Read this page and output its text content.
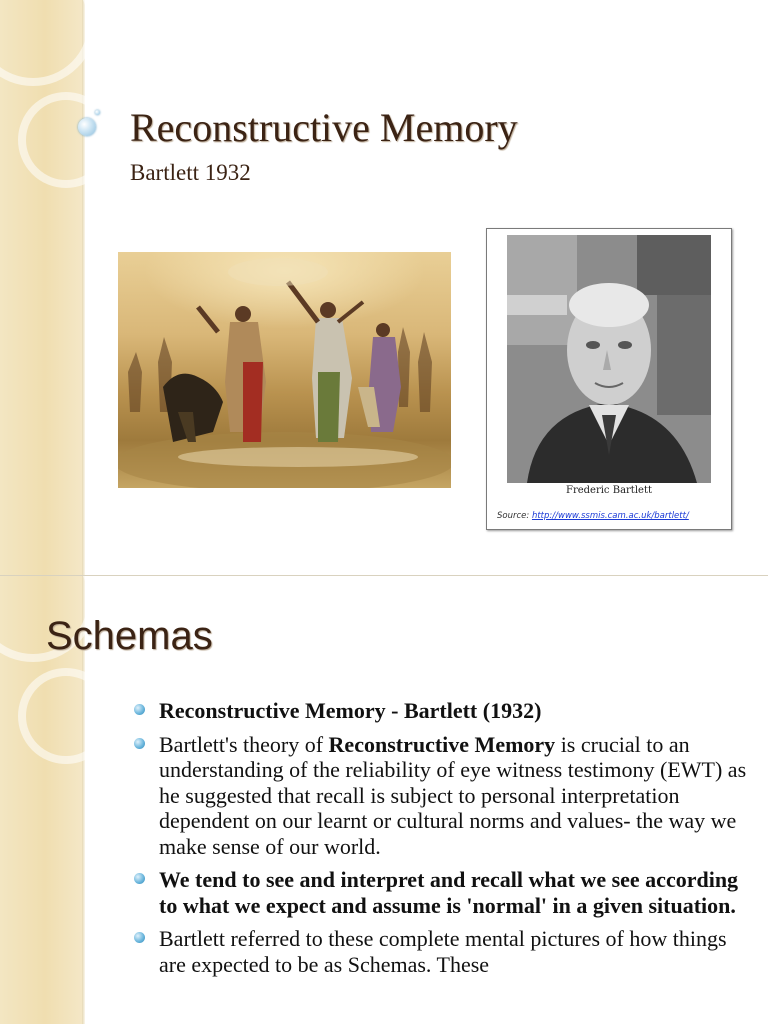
Reconstructive Memory
Bartlett 1932
Frederic Bartlett
Source: http://www.ssmis.cam.ac.uk/bartlett/
Schemas
Reconstructive Memory - Bartlett (1932)
Bartlett's theory of Reconstructive Memory is crucial to an understanding of the reliability of eye witness testimony (EWT) as he suggested that recall is subject to personal interpretation dependent on our learnt or cultural norms and values- the way we make sense of our world.
We tend to see and interpret and recall what we see according to what we expect and assume is 'normal' in a given situation.
Bartlett referred to these complete mental pictures of how things are expected to be as Schemas. These
